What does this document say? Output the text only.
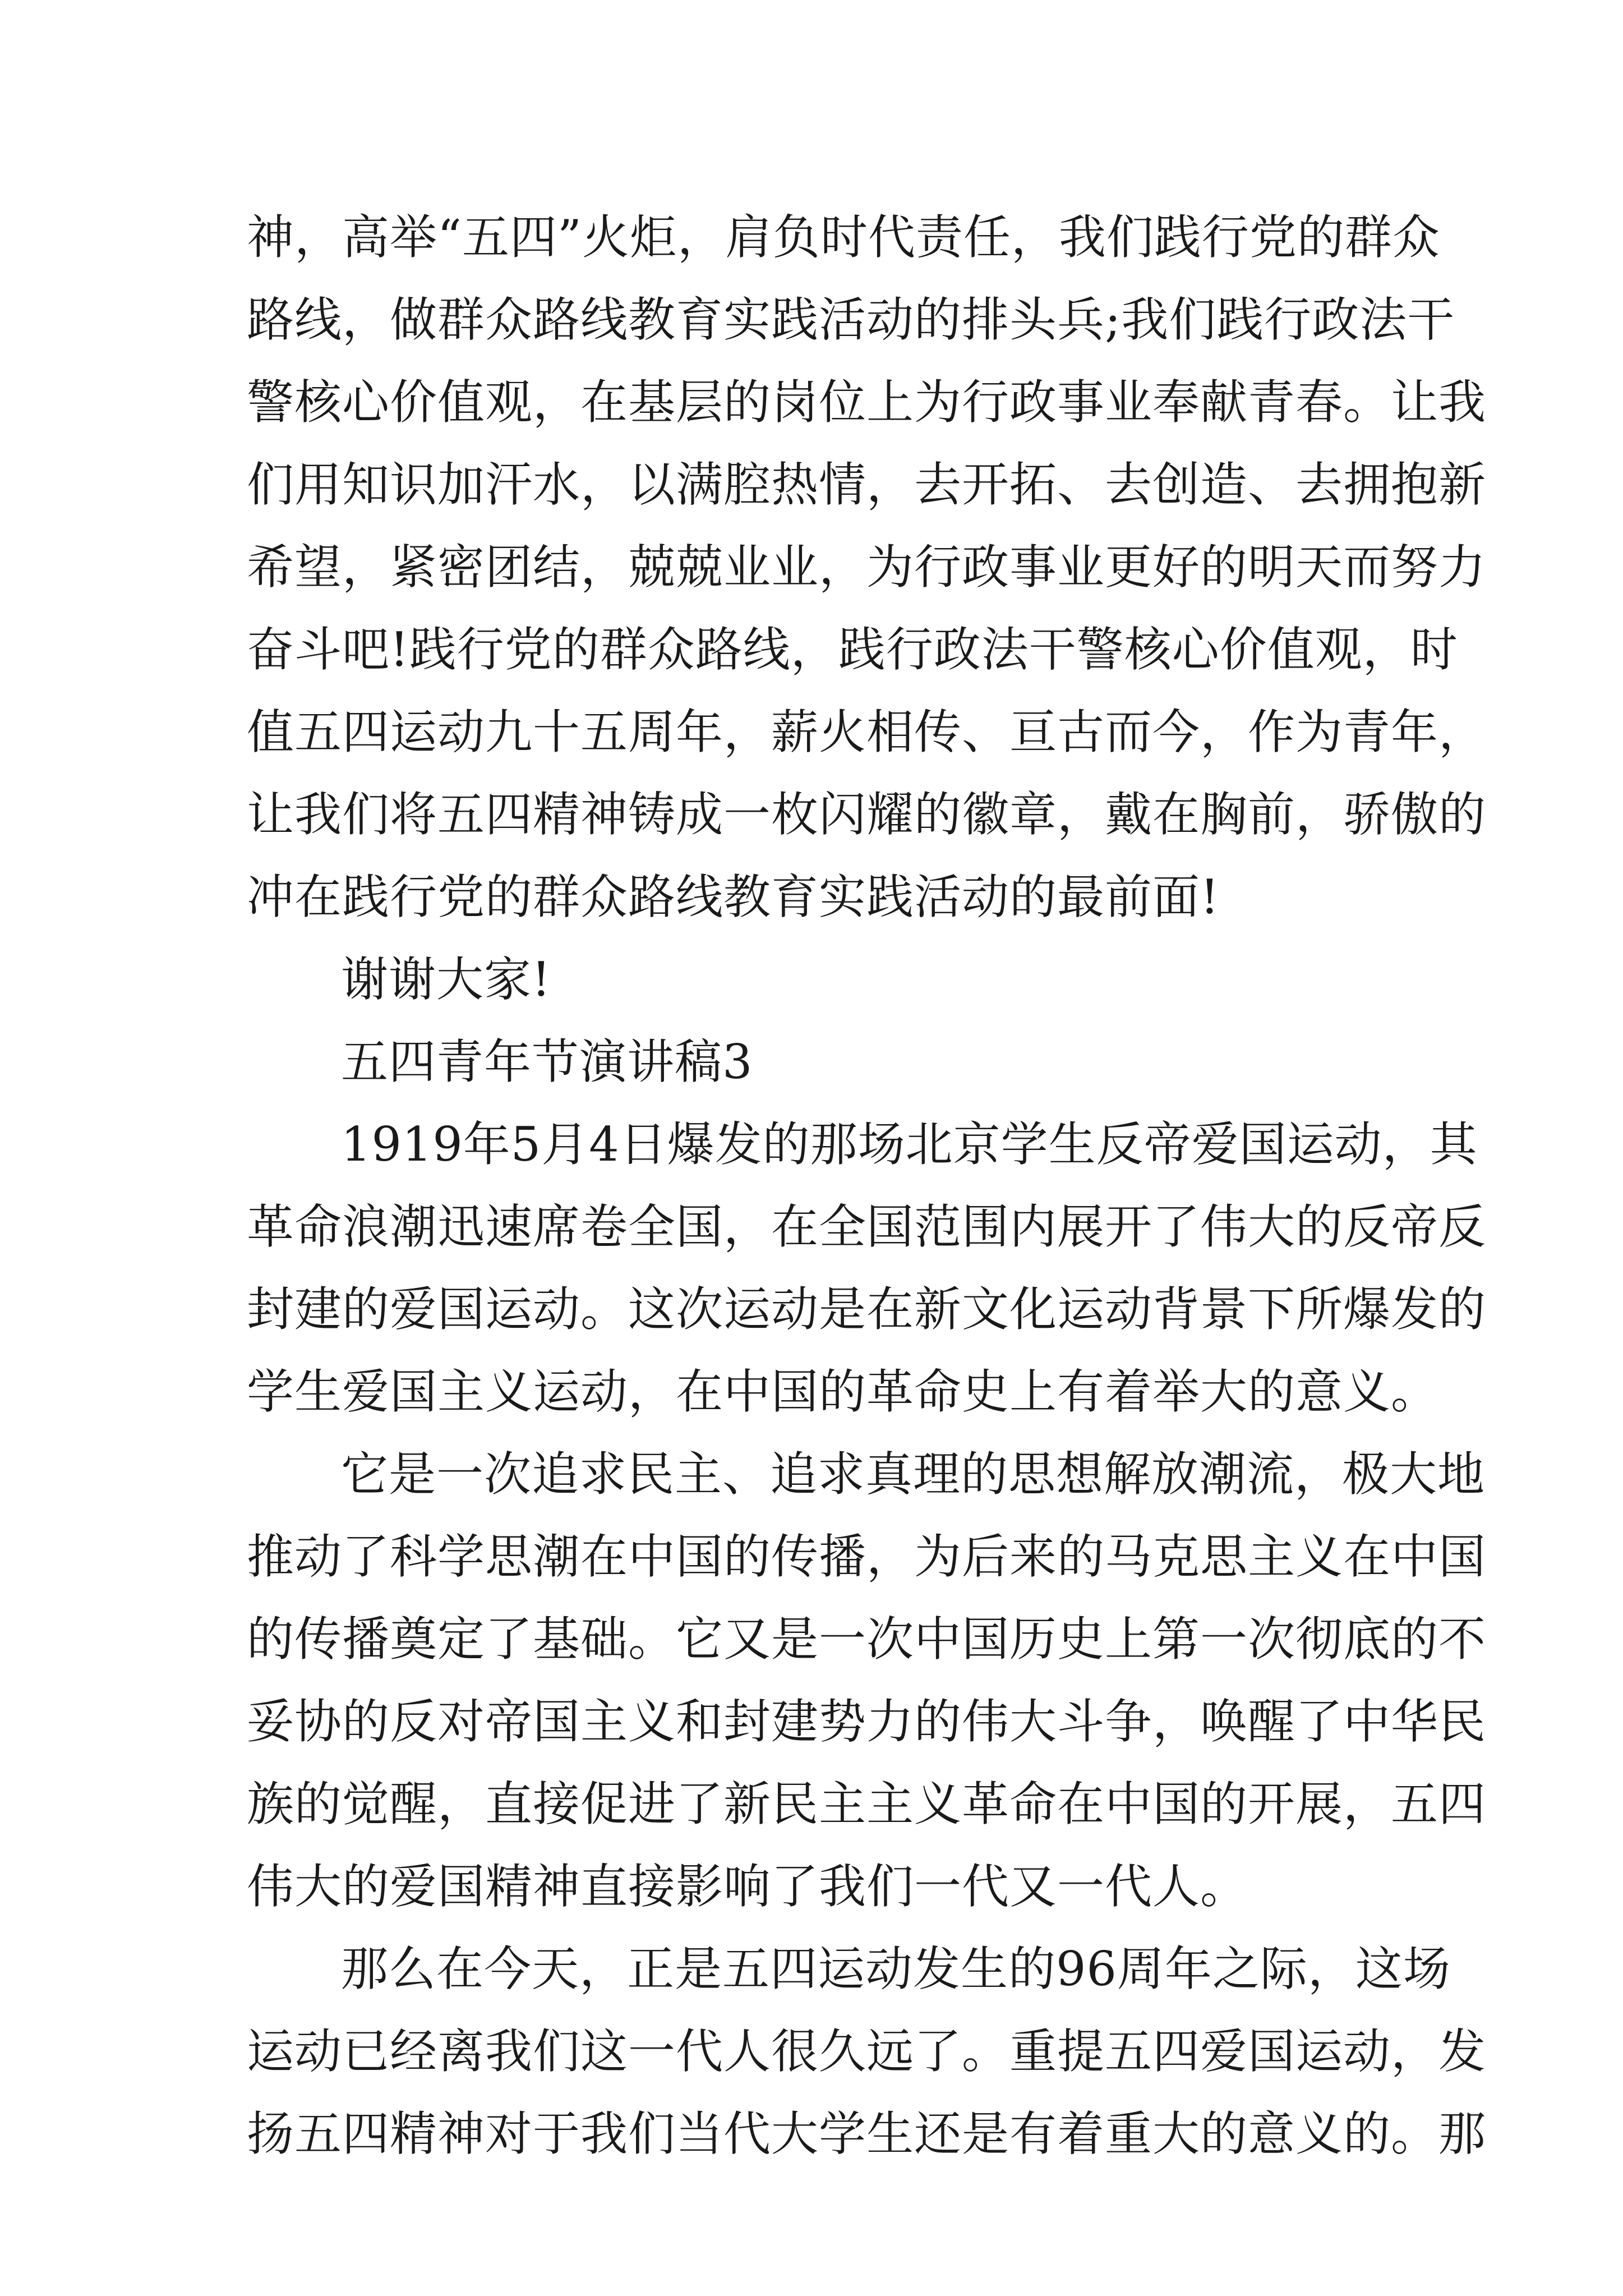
神，高举“五四”火炬，肩负时代责任，我们践行党的群众
路线，做群众路线教育实践活动的排头兵;我们践行政法干
警核心价值观，在基层的岗位上为行政事业奉献青春。让我
们用知识加汗水，以满腔热情，去开拓、去创造、去拥抱新
希望，紧密团结，兢兢业业，为行政事业更好的明天而努力
奋斗吧!践行党的群众路线，践行政法干警核心价值观，时
值五四运动九十五周年，薪火相传、亘古而今，作为青年，
让我们将五四精神铸成一枚闪耀的徽章，戴在胸前，骄傲的
冲在践行党的群众路线教育实践活动的最前面!
谢谢大家!
五四青年节演讲稿3
1919年5月4日爆发的那场北京学生反帝爱国运动，其
革命浪潮迅速席卷全国，在全国范围内展开了伟大的反帝反
封建的爱国运动。这次运动是在新文化运动背景下所爆发的
学生爱国主义运动，在中国的革命史上有着举大的意义。
它是一次追求民主、追求真理的思想解放潮流，极大地
推动了科学思潮在中国的传播，为后来的马克思主义在中国
的传播奠定了基础。它又是一次中国历史上第一次彻底的不
妥协的反对帝国主义和封建势力的伟大斗争，唤醒了中华民
族的觉醒，直接促进了新民主主义革命在中国的开展，五四
伟大的爱国精神直接影响了我们一代又一代人。
那么在今天，正是五四运动发生的96周年之际，这场
运动已经离我们这一代人很久远了。重提五四爱国运动，发
扬五四精神对于我们当代大学生还是有着重大的意义的。那
